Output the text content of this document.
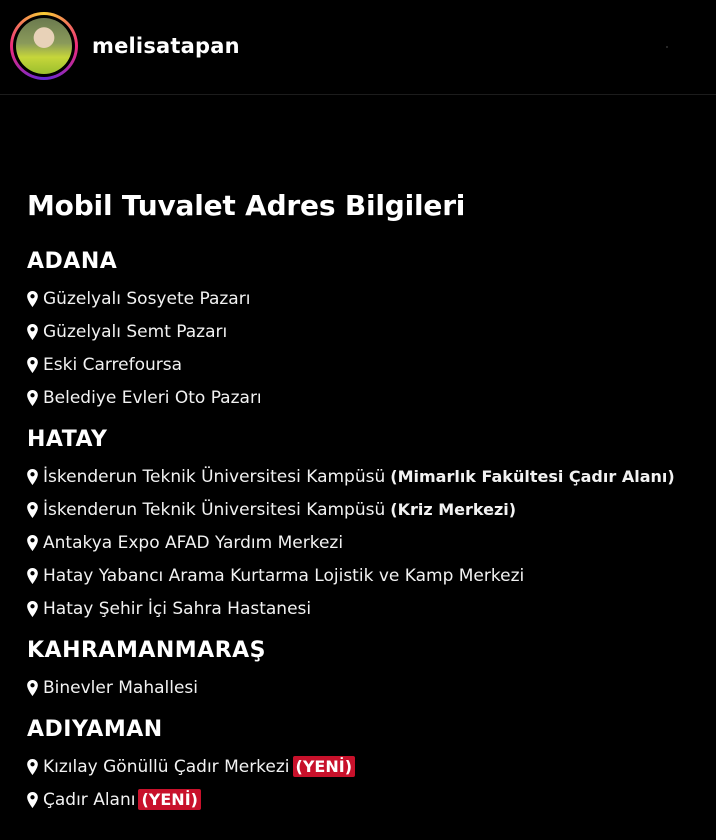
melisatapan
Mobil Tuvalet Adres Bilgileri
ADANA
Güzelyalı Sosyete Pazarı
Güzelyalı Semt Pazarı
Eski Carrefoursa
Belediye Evleri Oto Pazarı
HATAY
İskenderun Teknik Üniversitesi Kampüsü (Mimarlık Fakültesi Çadır Alanı)
İskenderun Teknik Üniversitesi Kampüsü (Kriz Merkezi)
Antakya Expo AFAD Yardım Merkezi
Hatay Yabancı Arama Kurtarma Lojistik ve Kamp Merkezi
Hatay Şehir İçi Sahra Hastanesi
KAHRAMANMARAŞ
Binevler Mahallesi
ADIYAMAN
Kızılay Gönüllü Çadır Merkezi (YENİ)
Çadır Alanı (YENİ)
